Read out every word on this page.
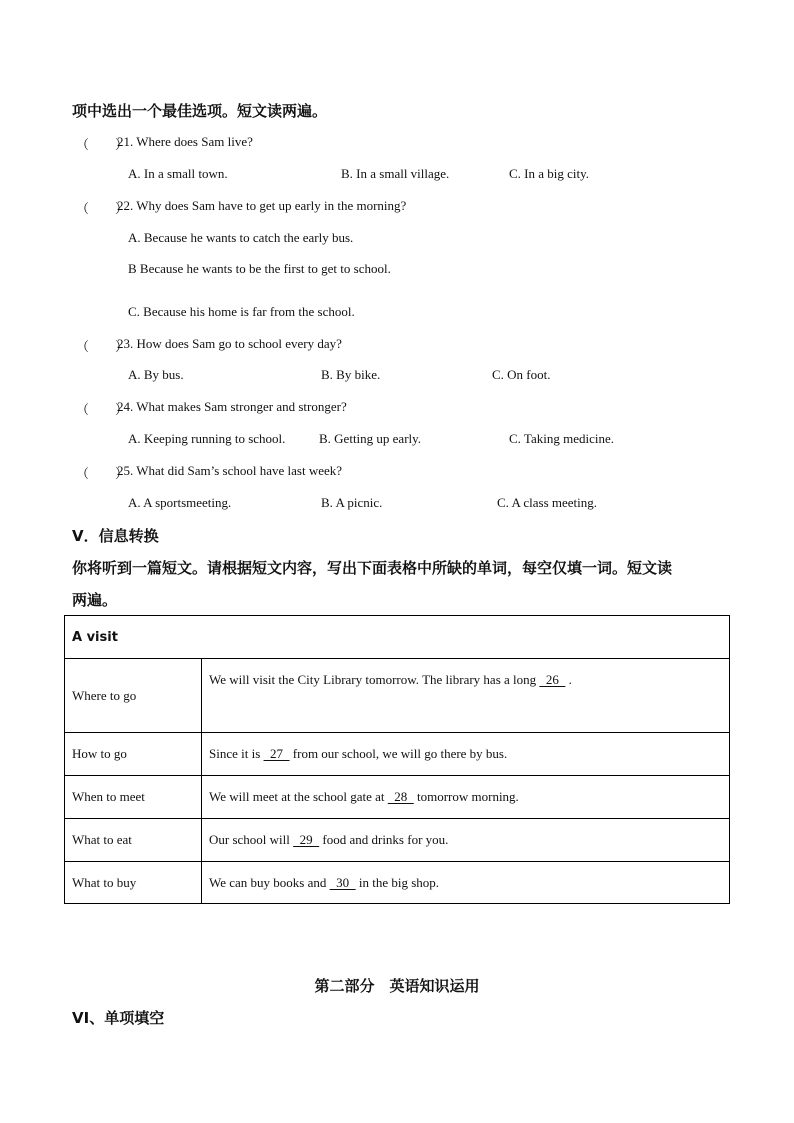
项中选出一个最佳选项。短文读两遍。
（　　）
21. Where does Sam live?
A. In a small town.	B. In a small village.	C. In a big city.
（　　）
22. Why does Sam have to get up early in the morning?
A. Because he wants to catch the early bus.
B Because he wants to be the first to get to school.
C. Because his home is far from the school.
（　　）
23. How does Sam go to school every day?
A. By bus.	B. By bike.	C. On foot.
（　　）
24. What makes Sam stronger and stronger?
A. Keeping running to school.	B. Getting up early.	C. Taking medicine.
（　　）
25. What did Sam’s school have last week?
A. A sportsmeeting.	B. A picnic.	C. A class meeting.
V．信息转换
你将听到一篇短文。请根据短文内容，写出下面表格中所缺的单词，每空仅填一词。短文读
两遍。
A visit	
Where to go	We will visit the City Library tomorrow. The library has a long   26   .
How to go	Since it is   27   from our school, we will go there by bus.
When to meet	We will meet at the school gate at   28   tomorrow morning.
What to eat	Our school will   29   food and drinks for you.
What to buy	We can buy books and   30   in the big shop.
第二部分　英语知识运用
VI、单项填空
